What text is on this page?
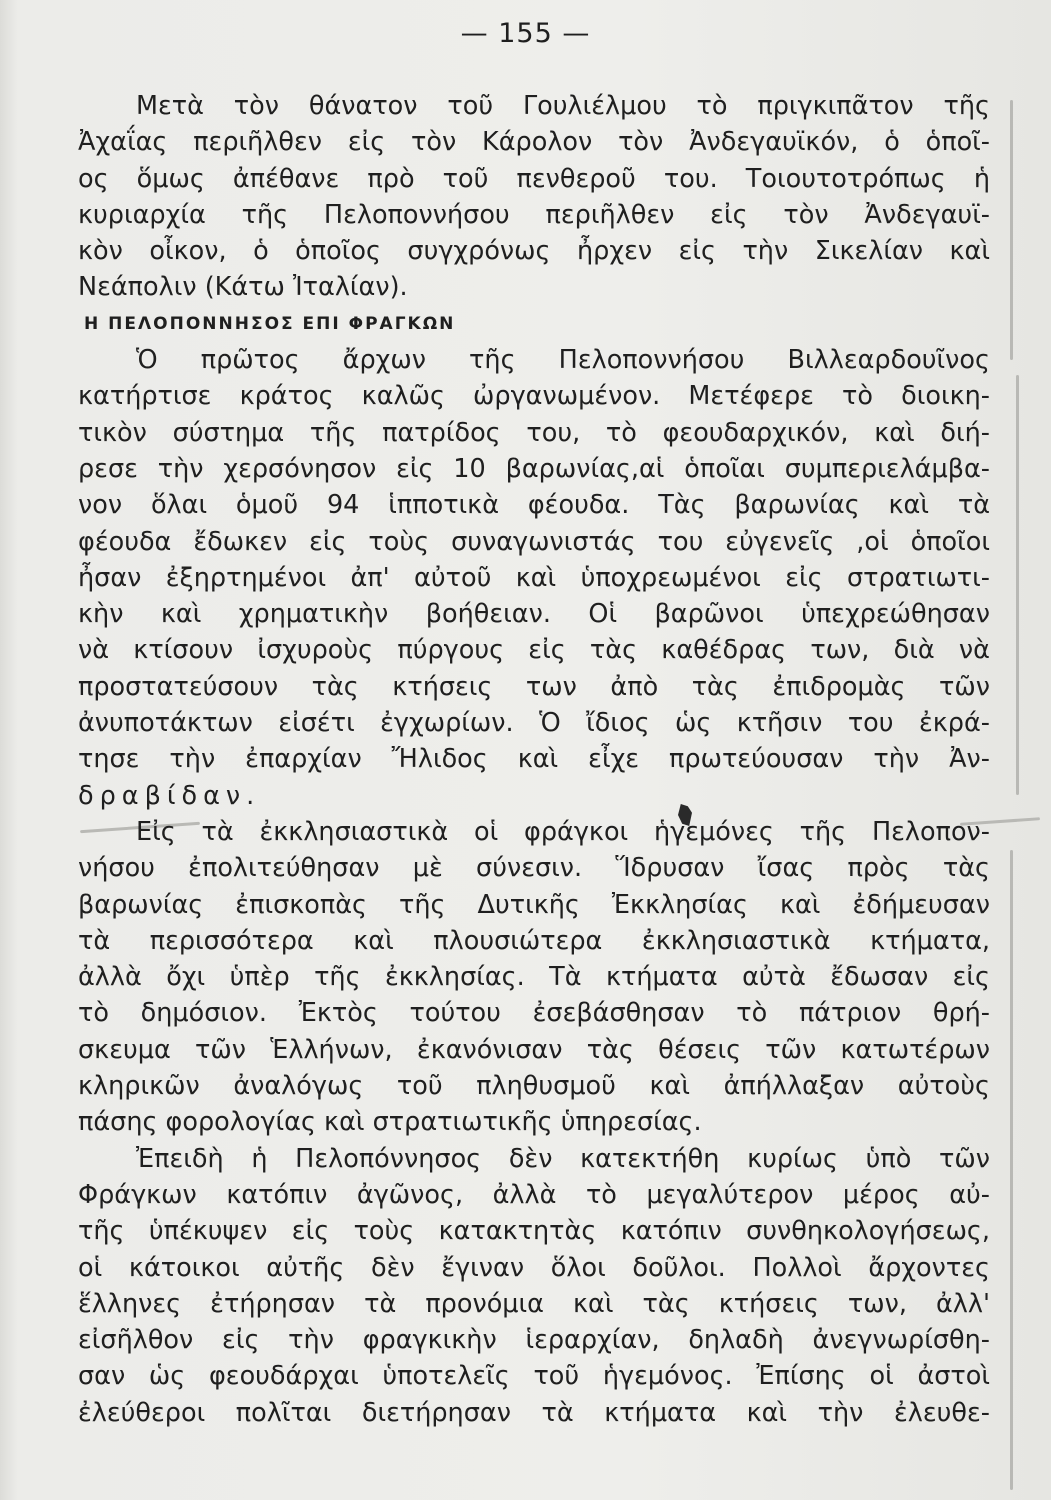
— 155 —
Μετὰ τὸν θάνατον τοῦ Γουλιέλμου τὸ πριγκιπᾶτον τῆς
Ἀχαΐας περιῆλθεν εἰς τὸν Κάρολον τὸν Ἀνδεγαυϊκόν, ὁ ὁποῖ-
ος ὅμως ἀπέθανε πρὸ τοῦ πενθεροῦ του. Τοιουτοτρόπως ἡ
κυριαρχία τῆς Πελοποννήσου περιῆλθεν εἰς τὸν Ἀνδεγαυϊ-
κὸν οἶκον, ὁ ὁποῖος συγχρόνως ἦρχεν εἰς τὴν Σικελίαν καὶ
Νεάπολιν (Κάτω Ἰταλίαν).
Η ΠΕΛΟΠΟΝΝΗΣΟΣ ΕΠΙ ΦΡΑΓΚΩΝ
Ὁ πρῶτος ἄρχων τῆς Πελοποννήσου Βιλλεαρδουῖνος
κατήρτισε κράτος καλῶς ὠργανωμένον. Μετέφερε τὸ διοικη-
τικὸν σύστημα τῆς πατρίδος του, τὸ φεουδαρχικόν, καὶ διή-
ρεσε τὴν χερσόνησον εἰς 10 βαρωνίας,αἱ ὁποῖαι συμπεριελάμβα-
νον ὅλαι ὁμοῦ 94 ἱπποτικὰ φέουδα. Τὰς βαρωνίας καὶ τὰ
φέουδα ἔδωκεν εἰς τοὺς συναγωνιστάς του εὐγενεῖς ,οἱ ὁποῖοι
ἦσαν ἐξηρτημένοι ἀπ' αὐτοῦ καὶ ὑποχρεωμένοι εἰς στρατιωτι-
κὴν καὶ χρηματικὴν βοήθειαν. Οἱ βαρῶνοι ὑπεχρεώθησαν
νὰ κτίσουν ἰσχυροὺς πύργους εἰς τὰς καθέδρας των, διὰ νὰ
προστατεύσουν τὰς κτήσεις των ἀπὸ τὰς ἐπιδρομὰς τῶν
ἀνυποτάκτων εἰσέτι ἐγχωρίων. Ὁ ἴδιος ὡς κτῆσιν του ἐκρά-
τησε τὴν ἐπαρχίαν Ἤλιδος καὶ εἶχε πρωτεύουσαν τὴν Ἀν-
δραβίδαν.
Εἰς τὰ ἐκκλησιαστικὰ οἱ φράγκοι ἡγεμόνες τῆς Πελοπον-
νήσου ἐπολιτεύθησαν μὲ σύνεσιν. Ἵδρυσαν ἴσας πρὸς τὰς
βαρωνίας ἐπισκοπὰς τῆς Δυτικῆς Ἐκκλησίας καὶ ἐδήμευσαν
τὰ περισσότερα καὶ πλουσιώτερα ἐκκλησιαστικὰ κτήματα,
ἀλλὰ ὄχι ὑπὲρ τῆς ἐκκλησίας. Τὰ κτήματα αὐτὰ ἔδωσαν εἰς
τὸ δημόσιον. Ἐκτὸς τούτου ἐσεβάσθησαν τὸ πάτριον θρή-
σκευμα τῶν Ἑλλήνων, ἐκανόνισαν τὰς θέσεις τῶν κατωτέρων
κληρικῶν ἀναλόγως τοῦ πληθυσμοῦ καὶ ἀπήλλαξαν αὐτοὺς
πάσης φορολογίας καὶ στρατιωτικῆς ὑπηρεσίας.
Ἐπειδὴ ἡ Πελοπόννησος δὲν κατεκτήθη κυρίως ὑπὸ τῶν
Φράγκων κατόπιν ἀγῶνος, ἀλλὰ τὸ μεγαλύτερον μέρος αὐ-
τῆς ὑπέκυψεν εἰς τοὺς κατακτητὰς κατόπιν συνθηκολογήσεως,
οἱ κάτοικοι αὐτῆς δὲν ἔγιναν ὅλοι δοῦλοι. Πολλοὶ ἄρχοντες
ἕλληνες ἐτήρησαν τὰ προνόμια καὶ τὰς κτήσεις των, ἀλλ'
εἰσῆλθον εἰς τὴν φραγκικὴν ἱεραρχίαν, δηλαδὴ ἀνεγνωρίσθη-
σαν ὡς φεουδάρχαι ὑποτελεῖς τοῦ ἡγεμόνος. Ἐπίσης οἱ ἀστοὶ
ἐλεύθεροι πολῖται διετήρησαν τὰ κτήματα καὶ τὴν ἐλευθε-
